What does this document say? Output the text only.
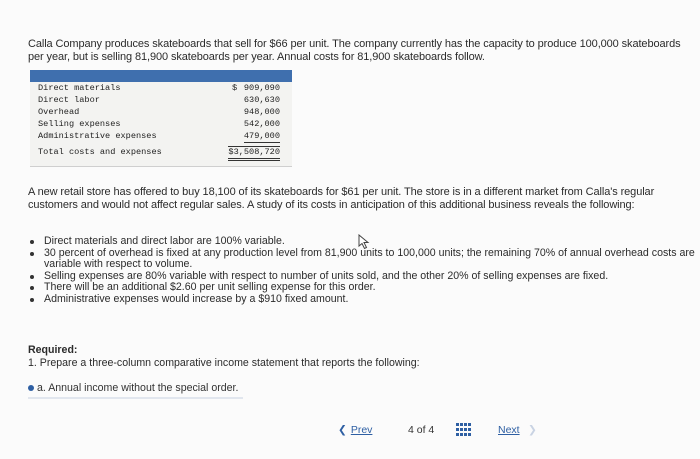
Calla Company produces skateboards that sell for $66 per unit. The company currently has the capacity to produce 100,000 skateboards per year, but is selling 81,900 skateboards per year. Annual costs for 81,900 skateboards follow.
Direct materials	$ 909,090
Direct labor	630,630
Overhead	948,000
Selling expenses	542,000
Administrative expenses	479,000
Total costs and expenses	$3,508,720
A new retail store has offered to buy 18,100 of its skateboards for $61 per unit. The store is in a different market from Calla's regular customers and would not affect regular sales. A study of its costs in anticipation of this additional business reveals the following:
Direct materials and direct labor are 100% variable.
30 percent of overhead is fixed at any production level from 81,900 units to 100,000 units; the remaining 70% of annual overhead costs are variable with respect to volume.
Selling expenses are 80% variable with respect to number of units sold, and the other 20% of selling expenses are fixed.
There will be an additional $2.60 per unit selling expense for this order.
Administrative expenses would increase by a $910 fixed amount.
Required:
1. Prepare a three-column comparative income statement that reports the following:
a. Annual income without the special order.
❮ Prev	4 of 4	Next ❯
